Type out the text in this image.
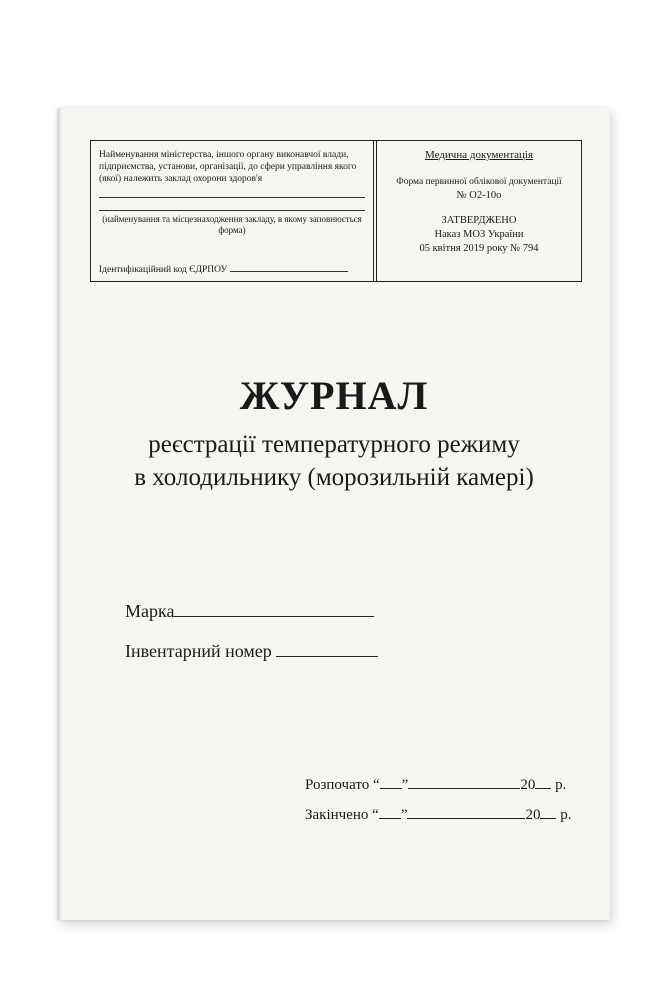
Найменування міністерства, іншого органу виконавчої влади, підприємства, установи, організації, до сфери управління якого (якої) належить заклад охорони здоров'я
(найменування та місцезнаходження закладу, в якому заповнюється форма)
Ідентифікаційний код ЄДРПОУ
Медична документація
Форма первинної облікової документації
№ О2-10о
ЗАТВЕРДЖЕНО
Наказ МОЗ України
05 квітня 2019 року № 794
ЖУРНАЛ
реєстрації температурного режиму
в холодильнику (морозильній камері)
Марка
Інвентарний номер
Розпочато “ ”	20 р.
Закінчено “ ”	20 р.
